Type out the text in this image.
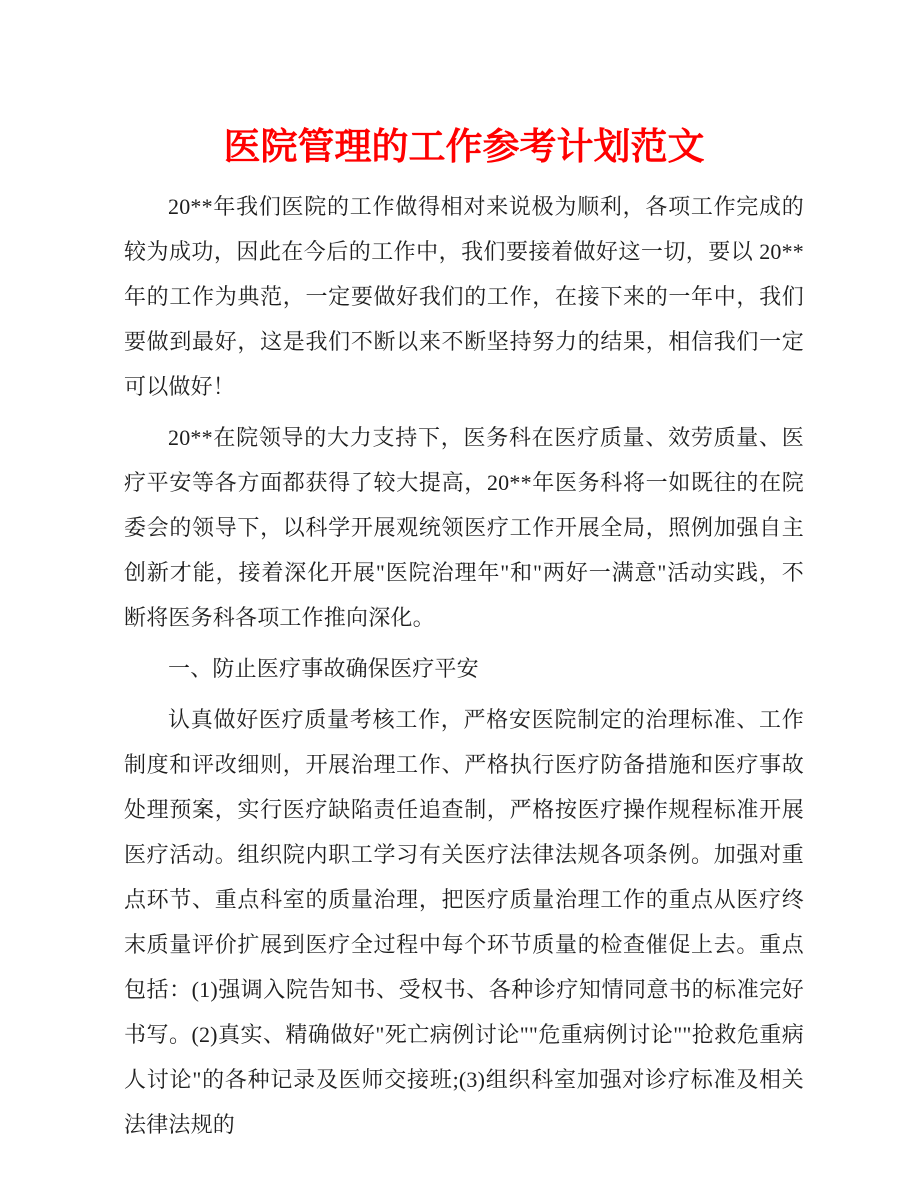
医院管理的工作参考计划范文

20**年我们医院的工作做得相对来说极为顺利，各项工作完成的较为成功，因此在今后的工作中，我们要接着做好这一切，要以 20**年的工作为典范，一定要做好我们的工作，在接下来的一年中，我们要做到最好，这是我们不断以来不断坚持努力的结果，相信我们一定可以做好！

20**在院领导的大力支持下，医务科在医疗质量、效劳质量、医疗平安等各方面都获得了较大提高，20**年医务科将一如既往的在院委会的领导下，以科学开展观统领医疗工作开展全局，照例加强自主创新才能，接着深化开展"医院治理年"和"两好一满意"活动实践，不断将医务科各项工作推向深化。

一、防止医疗事故确保医疗平安

认真做好医疗质量考核工作，严格安医院制定的治理标准、工作制度和评改细则，开展治理工作、严格执行医疗防备措施和医疗事故处理预案，实行医疗缺陷责任追查制，严格按医疗操作规程标准开展医疗活动。组织院内职工学习有关医疗法律法规各项条例。加强对重点环节、重点科室的质量治理，把医疗质量治理工作的重点从医疗终末质量评价扩展到医疗全过程中每个环节质量的检查催促上去。重点包括：(1)强调入院告知书、受权书、各种诊疗知情同意书的标准完好书写。(2)真实、精确做好"死亡病例讨论""危重病例讨论""抢救危重病人讨论"的各种记录及医师交接班;(3)组织科室加强对诊疗标准及相关法律法规的
